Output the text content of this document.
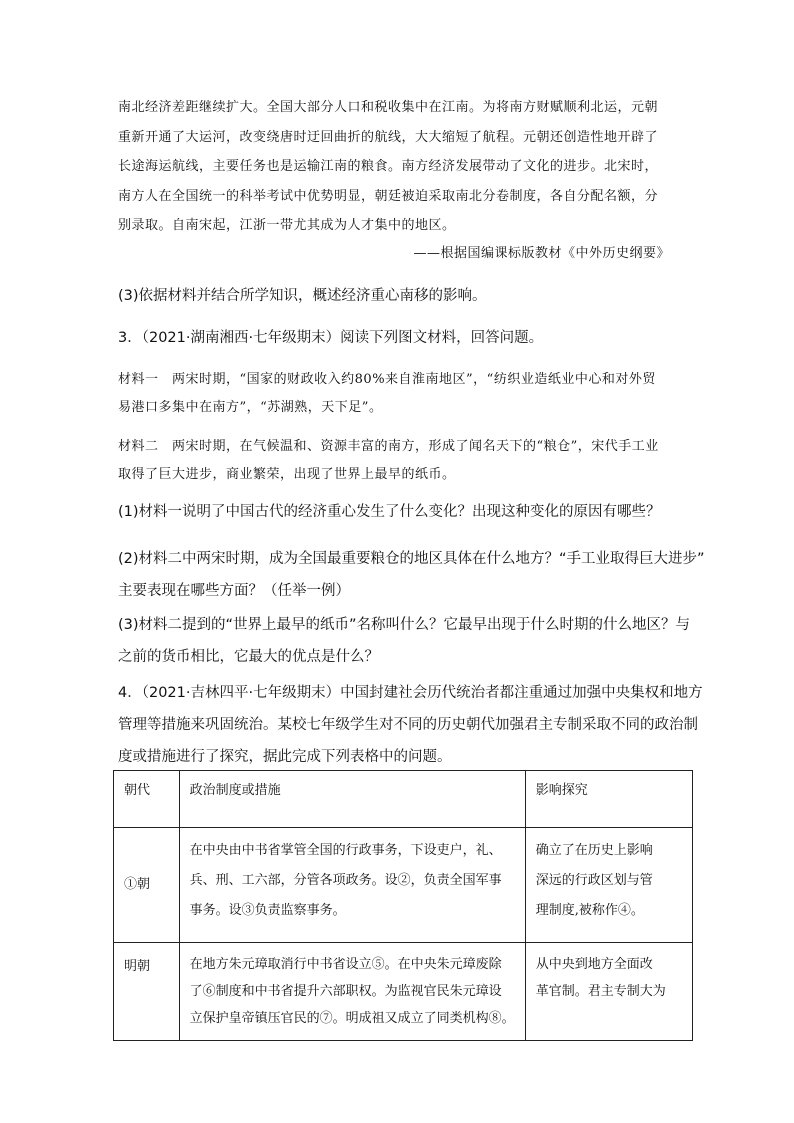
南北经济差距继续扩大。全国大部分人口和税收集中在江南。为将南方财赋顺利北运，元朝
重新开通了大运河，改变绕唐时迂回曲折的航线，大大缩短了航程。元朝还创造性地开辟了
长途海运航线，主要任务也是运输江南的粮食。南方经济发展带动了文化的进步。北宋时，
南方人在全国统一的科举考试中优势明显，朝廷被迫采取南北分卷制度，各自分配名额，分
别录取。自南宋起，江浙一带尤其成为人才集中的地区。
——根据国编课标版教材《中外历史纲要》
(3)依据材料并结合所学知识，概述经济重心南移的影响。
3．（2021·湖南湘西·七年级期末）阅读下列图文材料，回答问题。
材料一　两宋时期，“国家的财政收入约80%来自淮南地区”，“纺织业造纸业中心和对外贸
易港口多集中在南方”，“苏湖熟，天下足”。
材料二　两宋时期，在气候温和、资源丰富的南方，形成了闻名天下的“粮仓”，宋代手工业
取得了巨大进步，商业繁荣，出现了世界上最早的纸币。
(1)材料一说明了中国古代的经济重心发生了什么变化？出现这种变化的原因有哪些？
(2)材料二中两宋时期，成为全国最重要粮仓的地区具体在什么地方？“手工业取得巨大进步”
主要表现在哪些方面？（任举一例）
(3)材料二提到的“世界上最早的纸币”名称叫什么？它最早出现于什么时期的什么地区？与
之前的货币相比，它最大的优点是什么？
4．（2021·吉林四平·七年级期末）中国封建社会历代统治者都注重通过加强中央集权和地方
管理等措施来巩固统治。某校七年级学生对不同的历史朝代加强君主专制采取不同的政治制
度或措施进行了探究，据此完成下列表格中的问题。
朝代	政治制度或措施	影响探究
①朝	在中央由中书省掌管全国的行政事务，下设吏户，礼、
兵、刑、工六部，分管各项政务。设②，负责全国军事
事务。设③负责监察事务。	确立了在历史上影响
深远的行政区划与管
理制度,被称作④。

明朝	在地方朱元璋取消行中书省设立⑤。在中央朱元璋废除
了⑥制度和中书省提升六部职权。为监视官民朱元璋设
立保护皇帝镇压官民的⑦。明成祖又成立了同类机构⑧。	从中央到地方全面改
革官制。君主专制大为
